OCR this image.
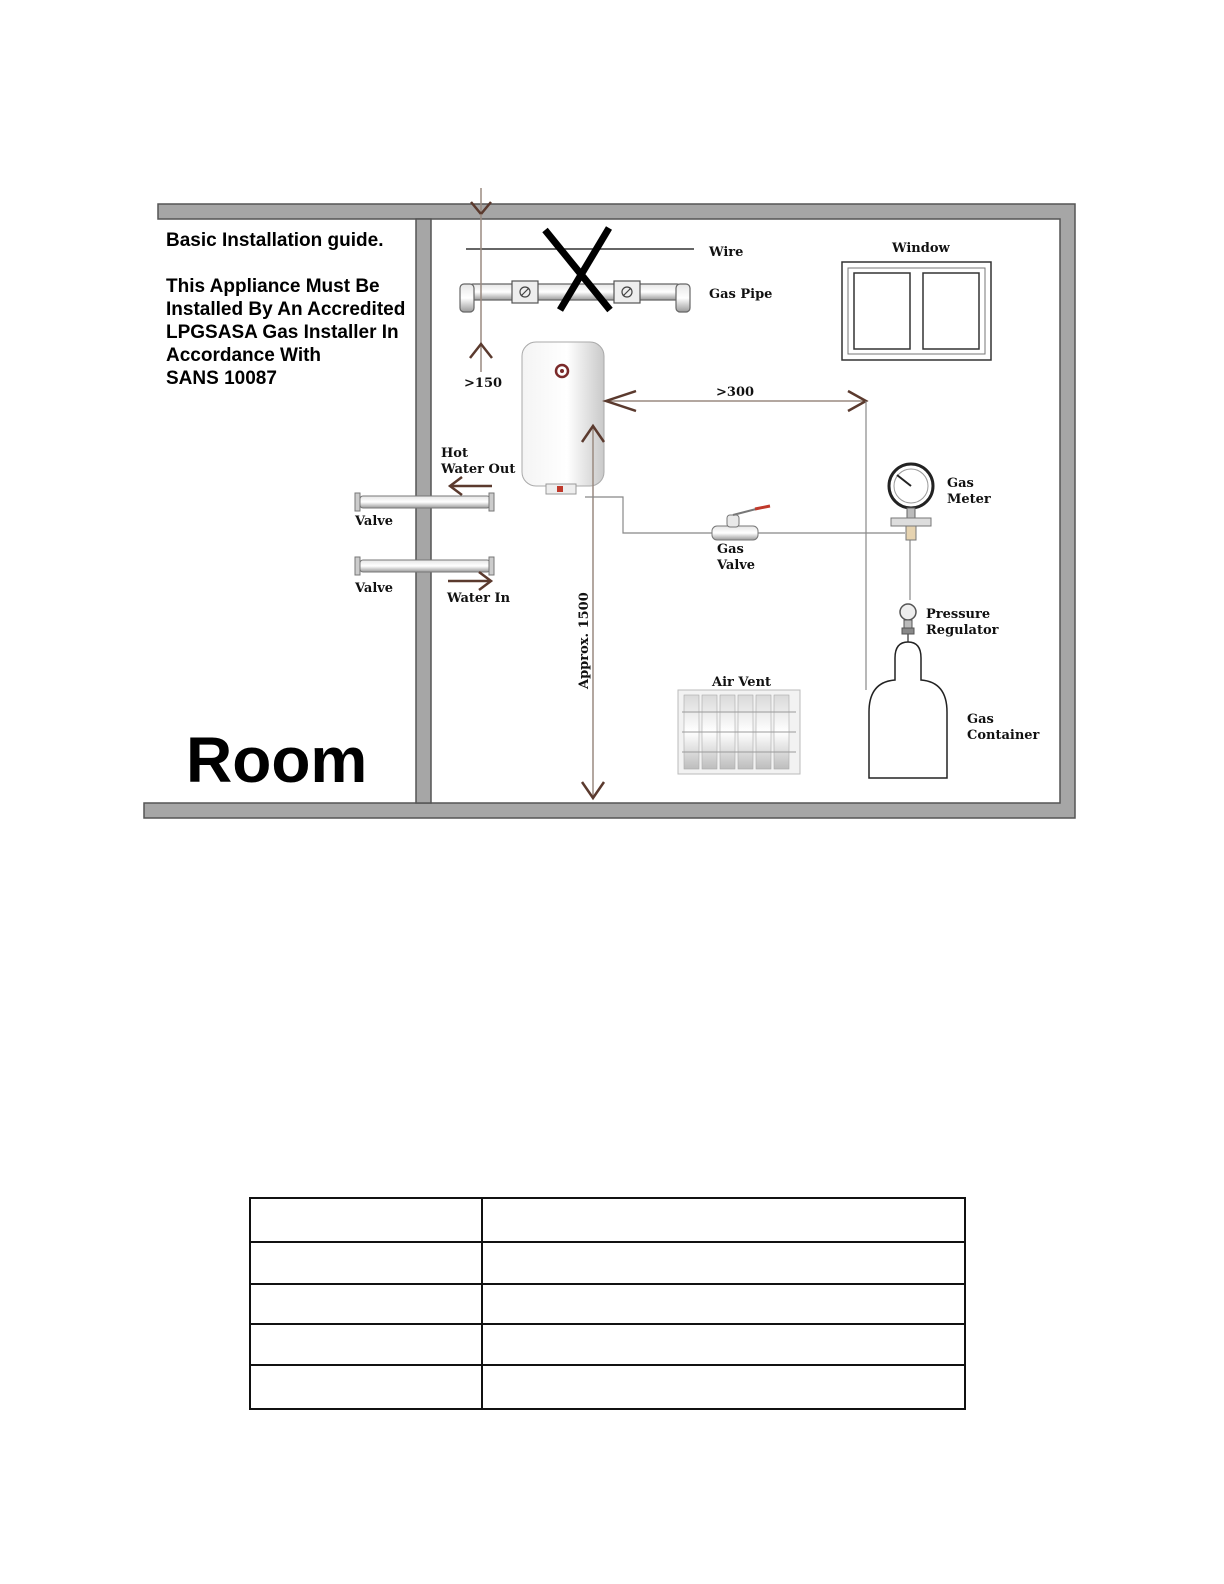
Basic Installation guide.
This Appliance Must Be
Installed By An Accredited
LPGSASA Gas Installer In
Accordance With
SANS 10087
Room
Wire
Gas Pipe
>150
>300
Window
Hot
Water Out
Valve
Valve
Water In	Approx. 1500
Gas
Valve
Gas
Meter
Pressure
Regulator
Gas
Container
Air Vent
